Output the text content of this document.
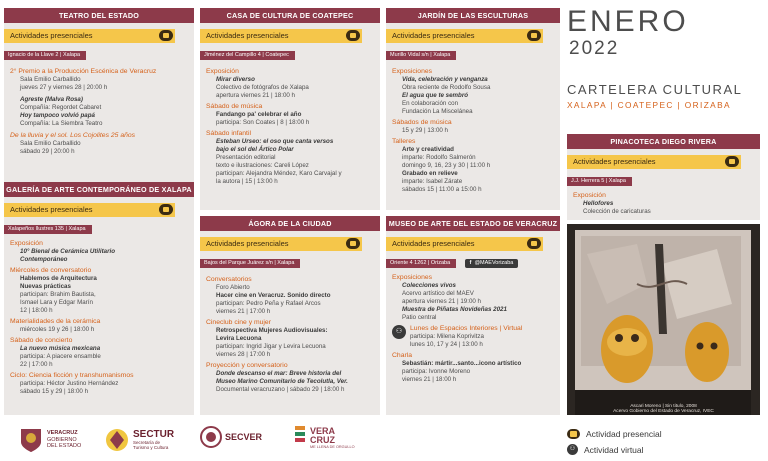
TEATRO DEL ESTADO
Actividades presenciales
Ignacio de la Llave 2 | Xalapa
2° Premio a la Producción Escénica de Veracruz
Sala Emilio Carballido
jueves 27 y viernes 28 | 20:00 h
Agreste (Malva Rosa)
Compañía: Regordet Cabaret
Hoy tampoco volvió papá
Compañía: La Siembra Teatro
De la lluvia y el sol. Los Cojolites 25 años
Sala Emilio Carballido
sábado 29 | 20:00 h
GALERÍA DE ARTE CONTEMPORÁNEO DE XALAPA
Actividades presenciales
Xalapeños Ilustres 135 | Xalapa
Exposición
10° Bienal de Cerámica Utilitario
Contemporáneo
Miércoles de conversatorio
Hablemos de Arquitectura
Nuevas prácticas
participan: Brahim Bautista,
Ismael Lara y Edgar Marín
12 | 18:00 h
Materialidades de la cerámica
miércoles 19 y 26 | 18:00 h
Sábado de concierto
La nuevo música mexicana
participa: A piacere ensamble
22 | 17:00 h
Ciclo: Ciencia ficción y transhumanismos
participa: Héctor Justino Hernández
sábado 15 y 29 | 18:00 h
CASA DE CULTURA DE COATEPEC
Actividades presenciales
Jiménez del Campillo 4 | Coatepec
Exposición
Mirar diverso
Colectivo de fotógrafos de Xalapa
apertura viernes 21 | 18:00 h
Sábado de música
Fandango pa' celebrar el año
participa: Son Coates | 8 | 18:00 h
Sábado infantil
Esteban Urseo: el oso que canta versos
bajo el sol del Ártico Polar
Presentación editorial
texto e ilustraciones: Careli López
participan: Alejandra Méndez, Karo Carvajal y
la autora | 15 | 13:00 h
ÁGORA DE LA CIUDAD
Actividades presenciales
Bajos del Parque Juárez s/n | Xalapa
Conversatorios
Foro Abierto
Hacer cine en Veracruz. Sonido directo
participan: Pedro Peña y Rafael Arcos
viernes 21 | 17:00 h
Cineclub cine y mujer
Retrospectiva Mujeres Audiovisuales:
Levira Lecuona
participan: Ingrid Jigar y Levira Lecuona
viernes 28 | 17:00 h
Proyección y conversatorio
Donde descanso el mar: Breve historia del
Museo Marino Comunitario de Tecolutla, Ver.
Documental veracruzano | sábado 29 | 18:00 h
JARDÍN DE LAS ESCULTURAS
Actividades presenciales
Murillo Vidal s/n | Xalapa
Exposiciones
Vida, celebración y venganza
Obra reciente de Rodolfo Sousa
El agua que te sembró
En colaboración con
Fundación La Miscelánea
Sábados de música
15 y 29 | 13:00 h
Talleres
Arte y creatividad
imparte: Rodolfo Salmerón
domingo 9, 16, 23 y 30 | 11:00 h
Grabado en relieve
imparte: Isabel Zárate
sábados 15 | 11:00 a 15:00 h
MUSEO DE ARTE DEL ESTADO DE VERACRUZ
Actividades presenciales
Oriente 4 1262 | Orizaba	f @MAEVorizaba
Exposiciones
Colecciones vivos
Acervo artístico del MAEV
apertura viernes 21 | 19:00 h
Muestra de Piñatas Novideñas 2021
Patio central
⚇	Lunes de Espacios Interiores | Virtual
participa: Milena Koprivitza
lunes 10, 17 y 24 | 13:00 h
Charla
Sebastián: mártir...santo...icono artístico
participa: Ivonne Moreno
viernes 21 | 18:00 h
ENERO
2022
CARTELERA CULTURAL
XALAPA | COATEPEC | ORIZABA
PINACOTECA DIEGO RIVERA
Actividades presenciales
J.J. Herrera 5 | Xalapa
Exposición
Hellofores
Colección de caricaturas
Ascari Moreno | Sin titulo, 2008
Acervo Gobierno del Estado de Veracruz, IVEC
VERACRUZ
GOBIERNO
DEL ESTADO
SECTUR
Secretaría de
Turismo y Cultura
SECVER
VERA
CRUZ
ME LLENA DE ORGULLO
Actividad presencial
⚇	Actividad virtual
